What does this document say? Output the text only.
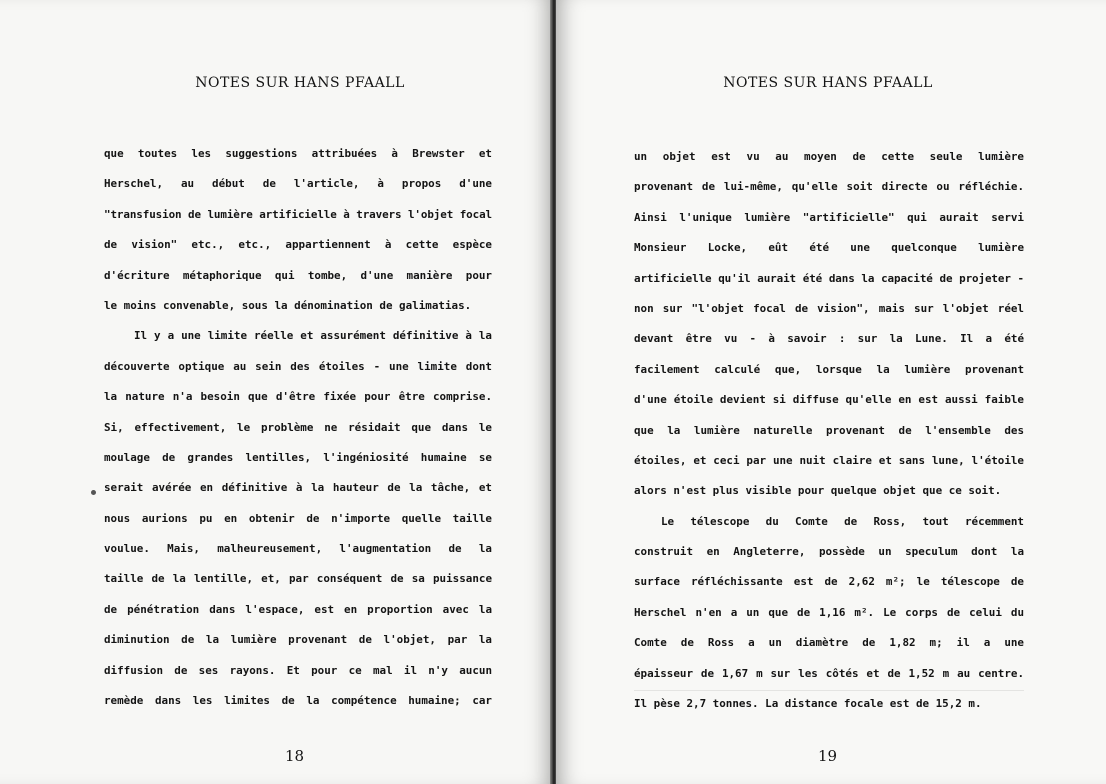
NOTES SUR HANS PFAALL
que toutes les suggestions attribuées à Brewster et
Herschel, au début de l'article, à propos d'une
"transfusion de lumière artificielle à travers l'objet focal
de vision" etc., etc., appartiennent à cette espèce
d'écriture métaphorique qui tombe, d'une manière pour
le moins convenable, sous la dénomination de galimatias.
Il y a une limite réelle et assurément définitive à la
découverte optique au sein des étoiles - une limite dont
la nature n'a besoin que d'être fixée pour être comprise.
Si, effectivement, le problème ne résidait que dans le
moulage de grandes lentilles, l'ingéniosité humaine se
serait avérée en définitive à la hauteur de la tâche, et
nous aurions pu en obtenir de n'importe quelle taille
voulue. Mais, malheureusement, l'augmentation de la
taille de la lentille, et, par conséquent de sa puissance
de pénétration dans l'espace, est en proportion avec la
diminution de la lumière provenant de l'objet, par la
diffusion de ses rayons. Et pour ce mal il n'y aucun
remède dans les limites de la compétence humaine; car
18
NOTES SUR HANS PFAALL
un objet est vu au moyen de cette seule lumière
provenant de lui-même, qu'elle soit directe ou réfléchie.
Ainsi l'unique lumière "artificielle" qui aurait servi
Monsieur Locke, eût été une quelconque lumière
artificielle qu'il aurait été dans la capacité de projeter -
non sur "l'objet focal de vision", mais sur l'objet réel
devant être vu - à savoir : sur la Lune. Il a été
facilement calculé que, lorsque la lumière provenant
d'une étoile devient si diffuse qu'elle en est aussi faible
que la lumière naturelle provenant de l'ensemble des
étoiles, et ceci par une nuit claire et sans lune, l'étoile
alors n'est plus visible pour quelque objet que ce soit.
Le télescope du Comte de Ross, tout récemment
construit en Angleterre, possède un speculum dont la
surface réfléchissante est de 2,62 m²; le télescope de
Herschel n'en a un que de 1,16 m². Le corps de celui du
Comte de Ross a un diamètre de 1,82 m; il a une
épaisseur de 1,67 m sur les côtés et de 1,52 m au centre.
Il pèse 2,7 tonnes. La distance focale est de 15,2 m.
19
